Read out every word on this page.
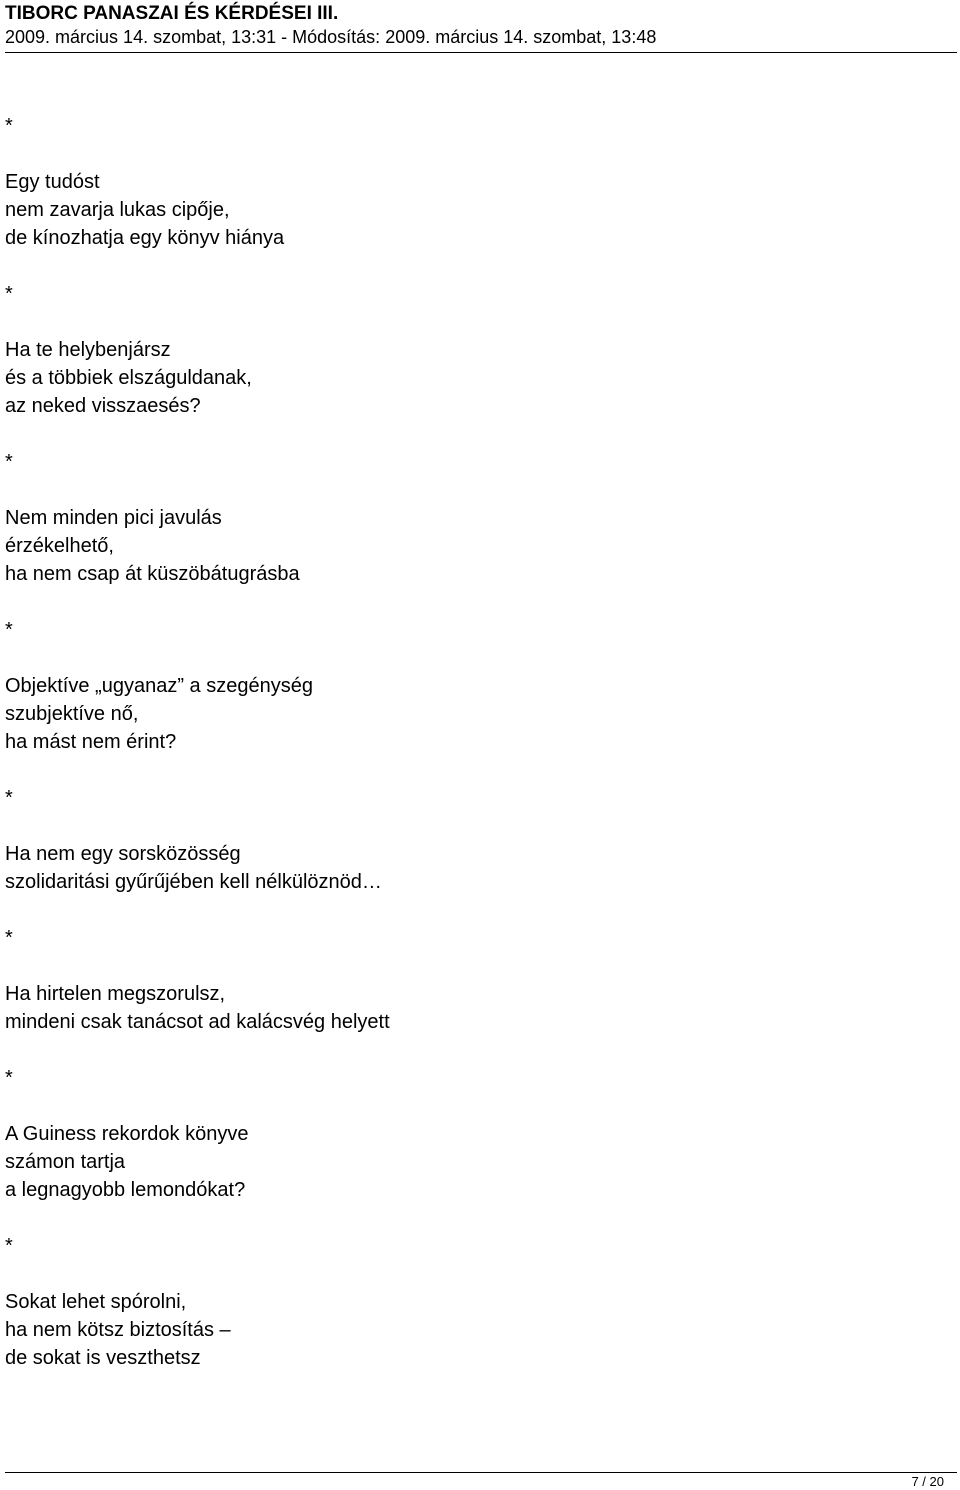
TIBORC PANASZAI ÉS KÉRDÉSEI III.
2009. március 14. szombat, 13:31 - Módosítás: 2009. március 14. szombat, 13:48
*
Egy tudóst
nem zavarja lukas cipője,
de kínozhatja egy könyv hiánya
*
Ha te helybenjársz
és a többiek elszáguldanak,
az neked visszaesés?
*
Nem minden pici javulás
érzékelhető,
ha nem csap át küszöbátugrásba
*
Objektíve „ugyanaz” a szegénység
szubjektíve nő,
ha mást nem érint?
*
Ha nem egy sorsközösség
szolidaritási gyűrűjében kell nélkülöznöd…
*
Ha hirtelen megszorulsz,
mindeni csak tanácsot ad kalácsvég helyett
*
A Guiness rekordok könyve
számon tartja
a legnagyobb lemondókat?
*
Sokat lehet spórolni,
ha nem kötsz biztosítás –
de sokat is veszthetsz
7 / 20
